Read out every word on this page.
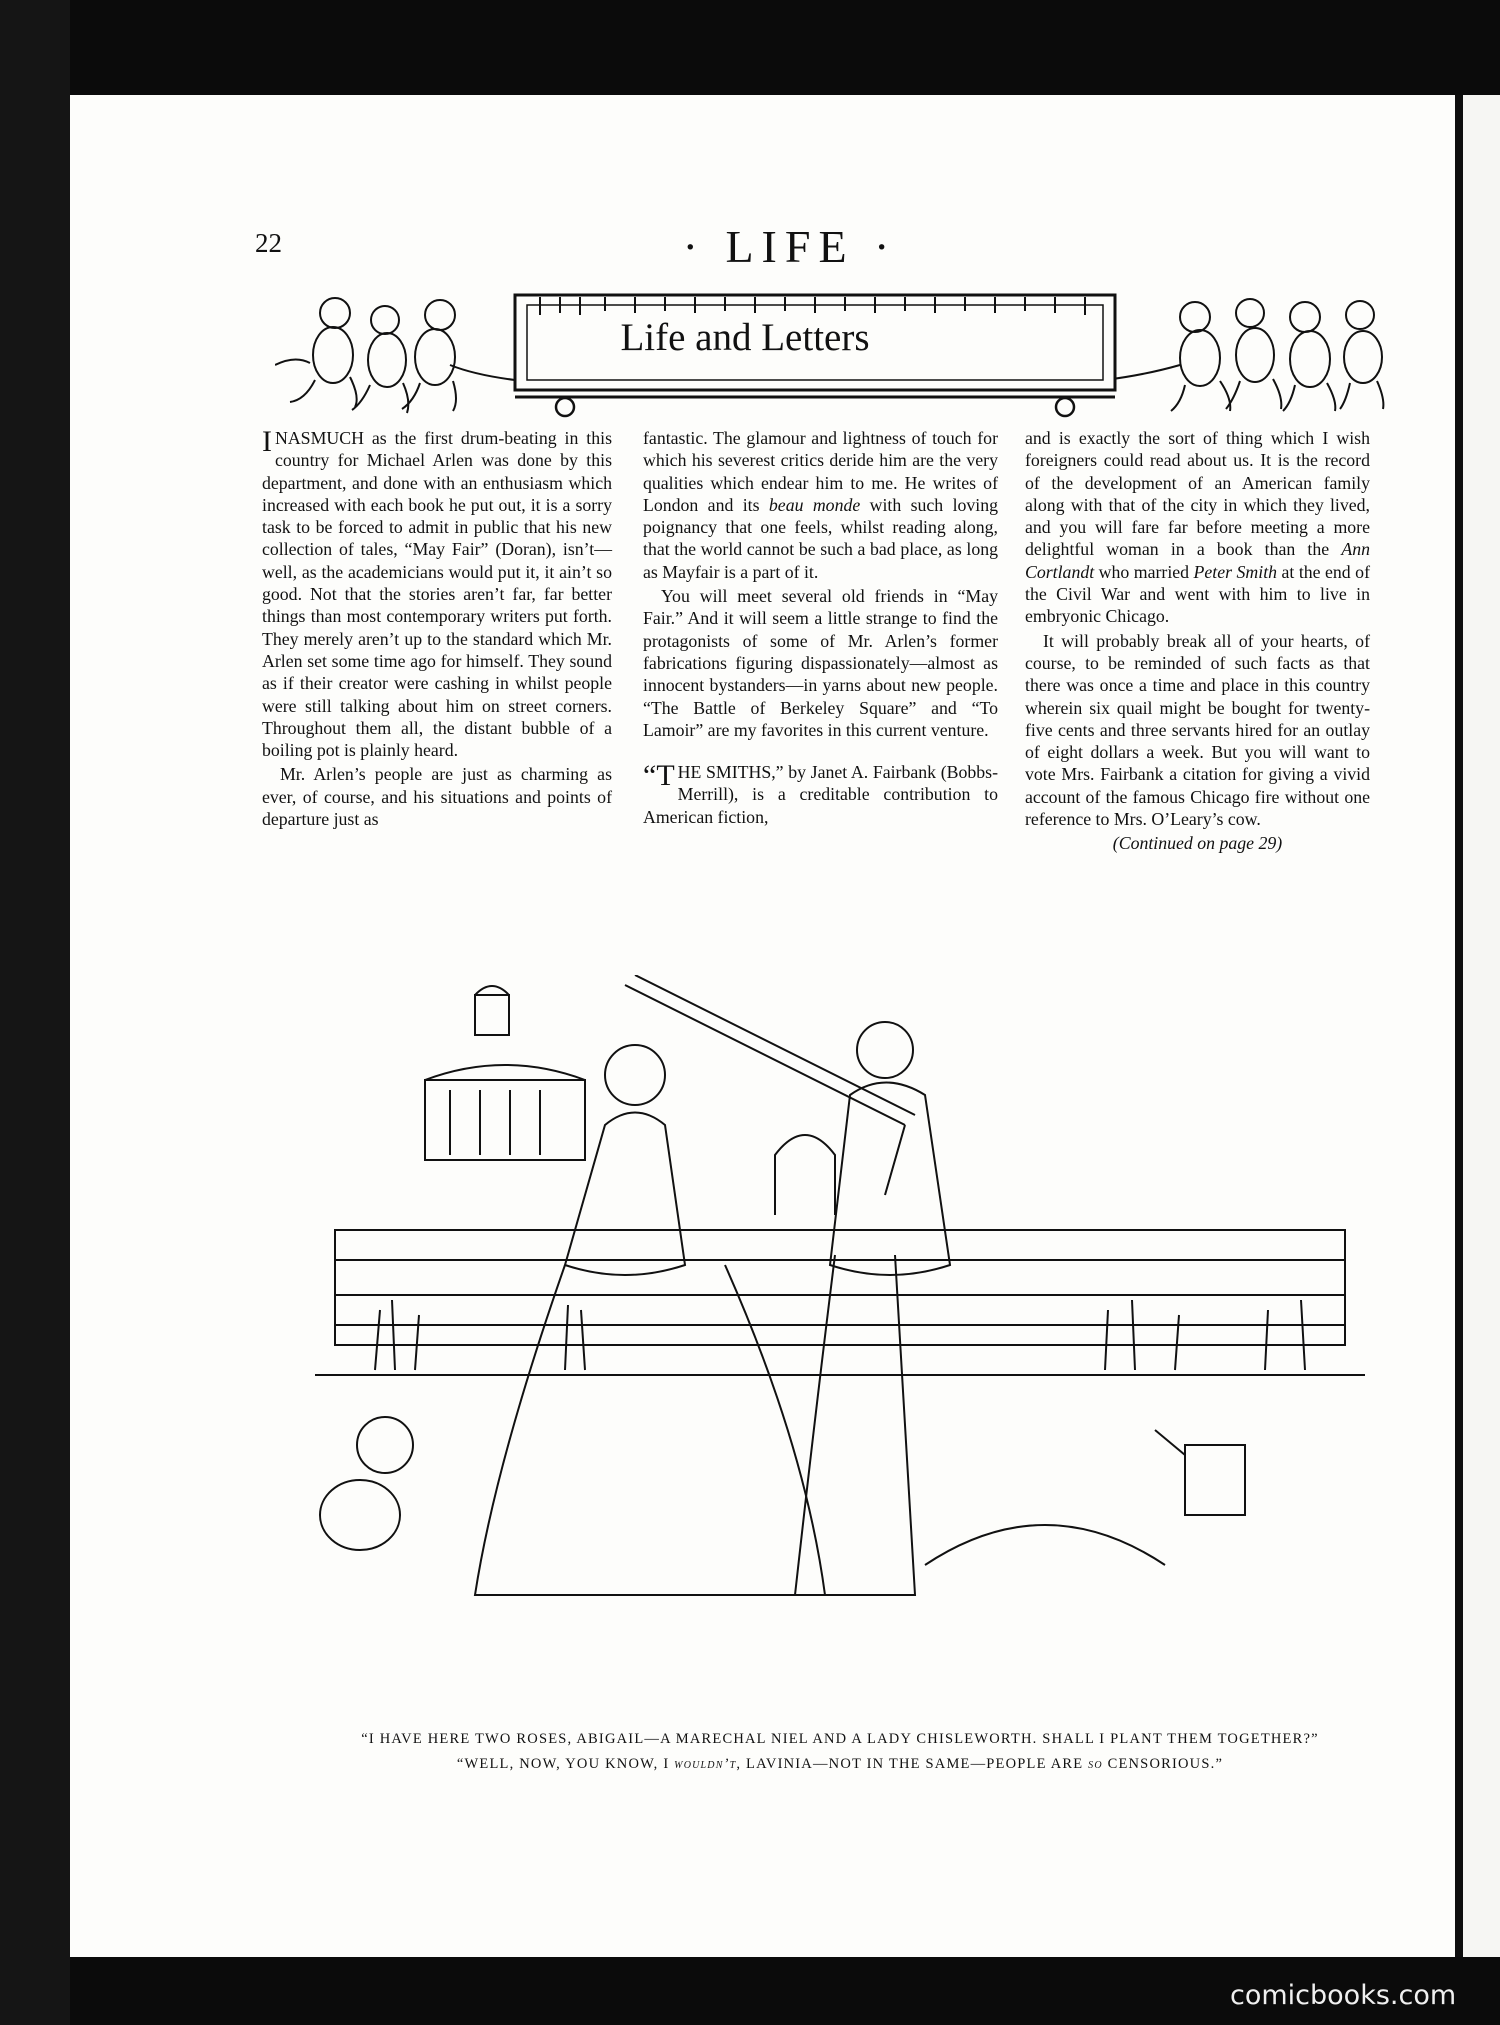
22	· LIFE ·
Life and Letters

INASMUCH as the first drum-beating in this country for Michael Arlen was done by this department, and done with an enthusiasm which increased with each book he put out, it is a sorry task to be forced to admit in public that his new collection of tales, “May Fair” (Doran), isn’t—well, as the academicians would put it, it ain’t so good. Not that the stories aren’t far, far better things than most contemporary writers put forth. They merely aren’t up to the standard which Mr. Arlen set some time ago for himself. They sound as if their creator were cashing in whilst people were still talking about him on street corners. Throughout them all, the distant bubble of a boiling pot is plainly heard.

Mr. Arlen’s people are just as charming as ever, of course, and his situations and points of departure just as

fantastic. The glamour and lightness of touch for which his severest critics deride him are the very qualities which endear him to me. He writes of London and its beau monde with such loving poignancy that one feels, whilst reading along, that the world cannot be such a bad place, as long as Mayfair is a part of it.

You will meet several old friends in “May Fair.” And it will seem a little strange to find the protagonists of some of Mr. Arlen’s former fabrications figuring dispassionately—almost as innocent bystanders—in yarns about new people. “The Battle of Berkeley Square” and “To Lamoir” are my favorites in this current venture.

“THE SMITHS,” by Janet A. Fairbank (Bobbs-Merrill), is a creditable contribution to American fiction,

and is exactly the sort of thing which I wish foreigners could read about us. It is the record of the development of an American family along with that of the city in which they lived, and you will fare far before meeting a more delightful woman in a book than the Ann Cortlandt who married Peter Smith at the end of the Civil War and went with him to live in embryonic Chicago.

It will probably break all of your hearts, of course, to be reminded of such facts as that there was once a time and place in this country wherein six quail might be bought for twenty-five cents and three servants hired for an outlay of eight dollars a week. But you will want to vote Mrs. Fairbank a citation for giving a vivid account of the famous Chicago fire without one reference to Mrs. O’Leary’s cow.

(Continued on page 29)
“I HAVE HERE TWO ROSES, ABIGAIL—A MARECHAL NIEL AND A LADY CHISLEWORTH. SHALL I PLANT THEM TOGETHER?”
“WELL, NOW, YOU KNOW, I wouldn’t, LAVINIA—NOT IN THE SAME—PEOPLE ARE so CENSORIOUS.”
comicbooks.com
